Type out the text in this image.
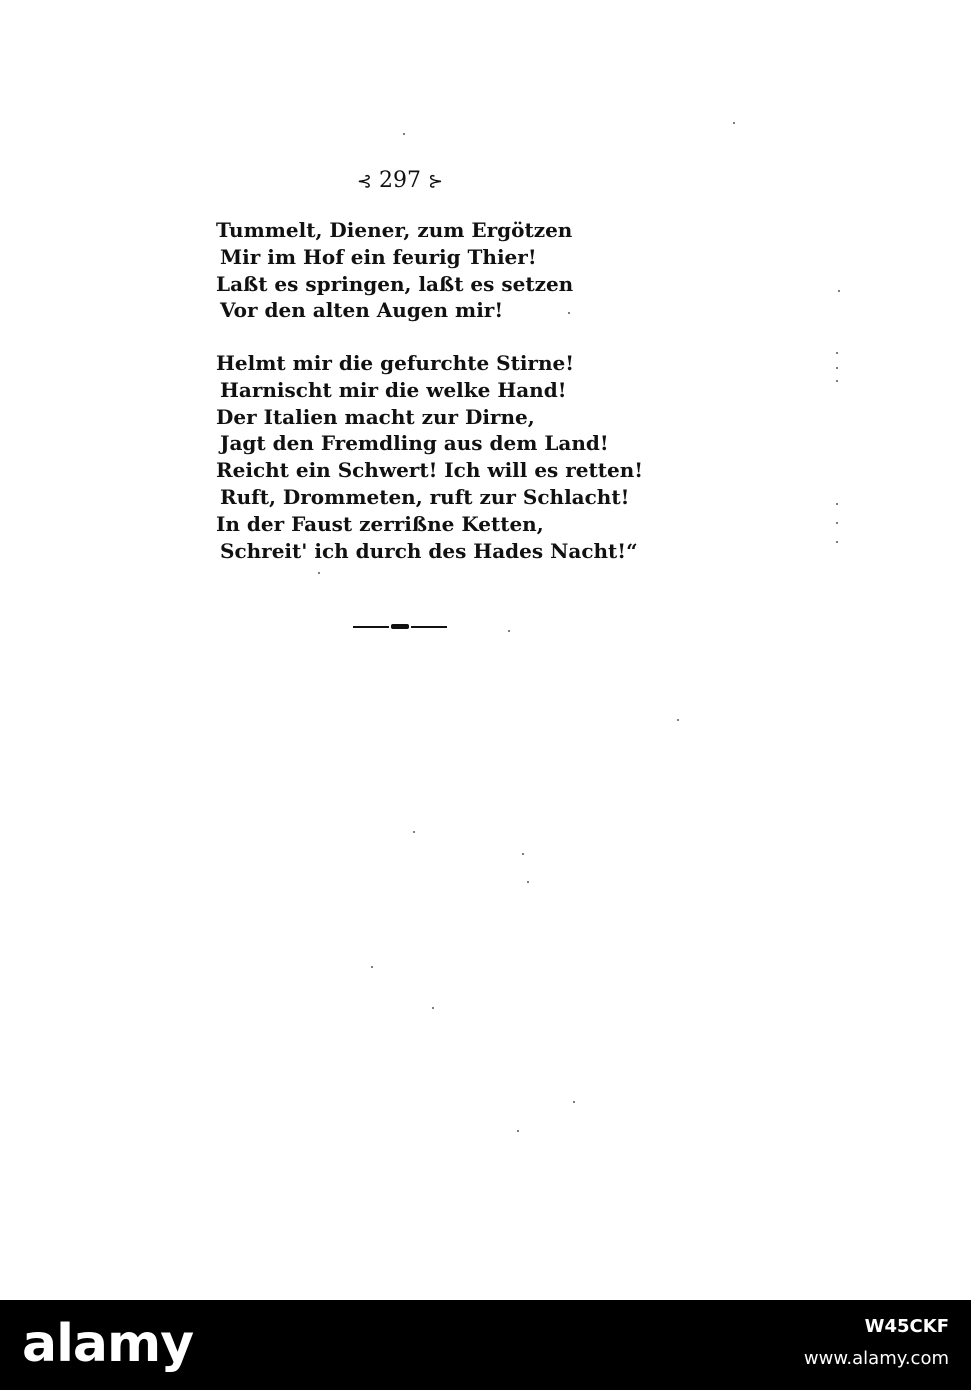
⊰ 297 ⊱
Tummelt, Diener, zum Ergötzen
Mir im Hof ein feurig Thier!
Laßt es springen, laßt es setzen
Vor den alten Augen mir!
Helmt mir die gefurchte Stirne!
Harnischt mir die welke Hand!
Der Italien macht zur Dirne,
Jagt den Fremdling aus dem Land!
Reicht ein Schwert! Ich will es retten!
Ruft, Drommeten, ruft zur Schlacht!
In der Faust zerrißne Ketten,
Schreit' ich durch des Hades Nacht!“
alamy	W45CKF
www.alamy.com
